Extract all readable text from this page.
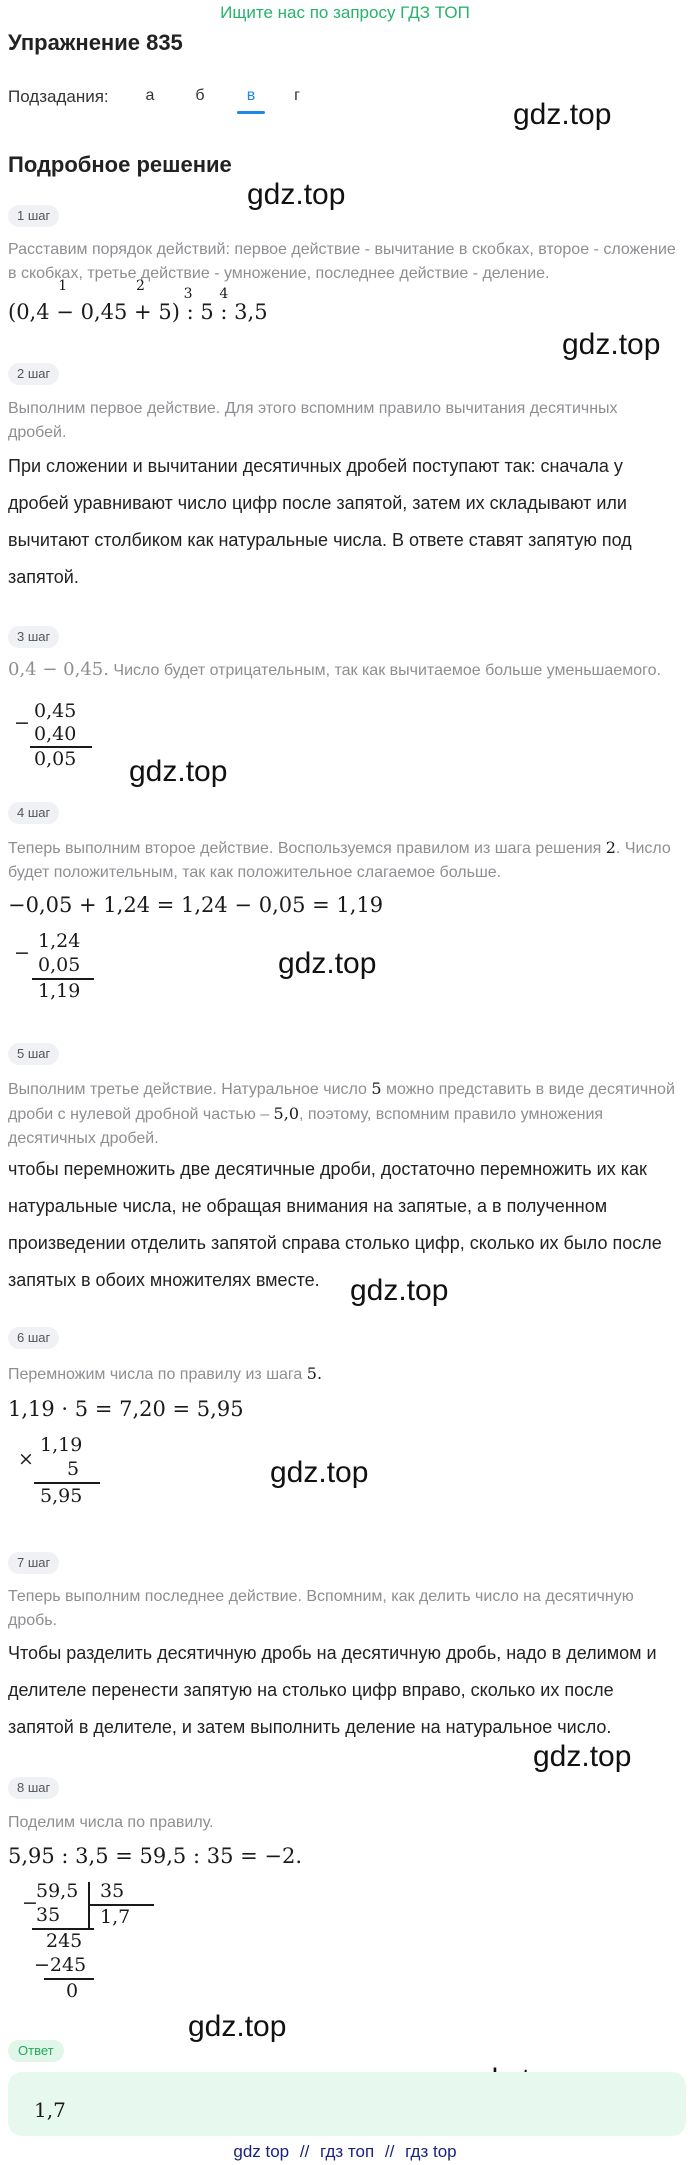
Ищите нас по запросу ГДЗ ТОП
Упражнение 835
Подзадания:	а	б	в	г
Подробное решение
gdz.top
gdz.top
gdz.top
gdz.top
gdz.top
gdz.top
gdz.top
gdz.top
gdz.top
1 шаг
Расставим порядок действий: первое действие - вычитание в скобках, второе - сложение в скобках, третье действие - умножение, последнее действие - деление.
(0,4
1
− 0,45
2
+ 5)
3
: 5
4
: 3,5
2 шаг
Выполним первое действие. Для этого вспомним правило вычитания десятичных дробей.
При сложении и вычитании десятичных дробей поступают так: сначала у дробей уравнивают число цифр после запятой, затем их складывают или вычитают столбиком как натуральные числа. В ответе ставят запятую под запятой.
3 шаг
0,4 − 0,45. Число будет отрицательным, так как вычитаемое больше уменьшаемого.
−
0,45
0,40
0,05
4 шаг
Теперь выполним второе действие. Воспользуемся правилом из шага решения 2. Число будет положительным, так как положительное слагаемое больше.
−0,05 + 1,24 = 1,24 − 0,05 = 1,19
−
1,24
0,05
1,19
5 шаг
Выполним третье действие. Натуральное число 5 можно представить в виде десятичной дроби с нулевой дробной частью – 5,0, поэтому, вспомним правило умножения десятичных дробей.
чтобы перемножить две десятичные дроби, достаточно перемножить их как натуральные числа, не обращая внимания на запятые, а в полученном произведении отделить запятой справа столько цифр, сколько их было после запятых в обоих множителях вместе.
6 шаг
Перемножим числа по правилу из шага 5.
1,19 · 5 = 7,20 = 5,95
×
1,19
5
5,95
7 шаг
Теперь выполним последнее действие. Вспомним, как делить число на десятичную дробь.
Чтобы разделить десятичную дробь на десятичную дробь, надо в делимом и делителе перенести запятую на столько цифр вправо, сколько их после запятой в делителе, и затем выполнить деление на натуральное число.
8 шаг
Поделим числа по правилу.
5,95 : 3,5 = 59,5 : 35 = −2.
−
59,5
35
35
1,7
245
−245
0
Ответ
1,7
gdz top // гдз топ // гдз top
